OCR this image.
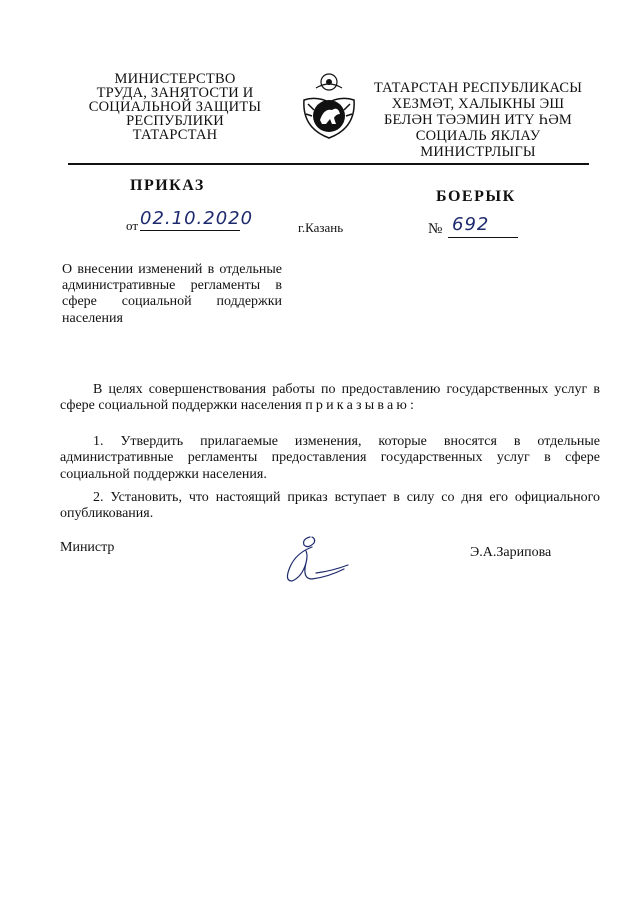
МИНИСТЕРСТВО
ТРУДА, ЗАНЯТОСТИ И
СОЦИАЛЬНОЙ ЗАЩИТЫ
РЕСПУБЛИКИ
ТАТАРСТАН
ТАТАРСТАН РЕСПУБЛИКАСЫ
ХЕЗМӘТ, ХАЛЫКНЫ ЭШ
БЕЛӘН ТӘЭМИН ИТҮ ҺӘМ
СОЦИАЛЬ ЯКЛАУ
МИНИСТРЛЫГЫ
ПРИКАЗ
БОЕРЫК
от 02.10.2020	г.Казань	№ 692
О внесении изменений в отдельные административные регламенты в сфере социальной поддержки населения
В целях совершенствования работы по предоставлению государственных услуг в сфере социальной поддержки населения приказываю:
1. Утвердить прилагаемые изменения, которые вносятся в отдельные административные регламенты предоставления государственных услуг в сфере социальной поддержки населения.
2. Установить, что настоящий приказ вступает в силу со дня его официального опубликования.
Министр	Э.А.Зарипова
